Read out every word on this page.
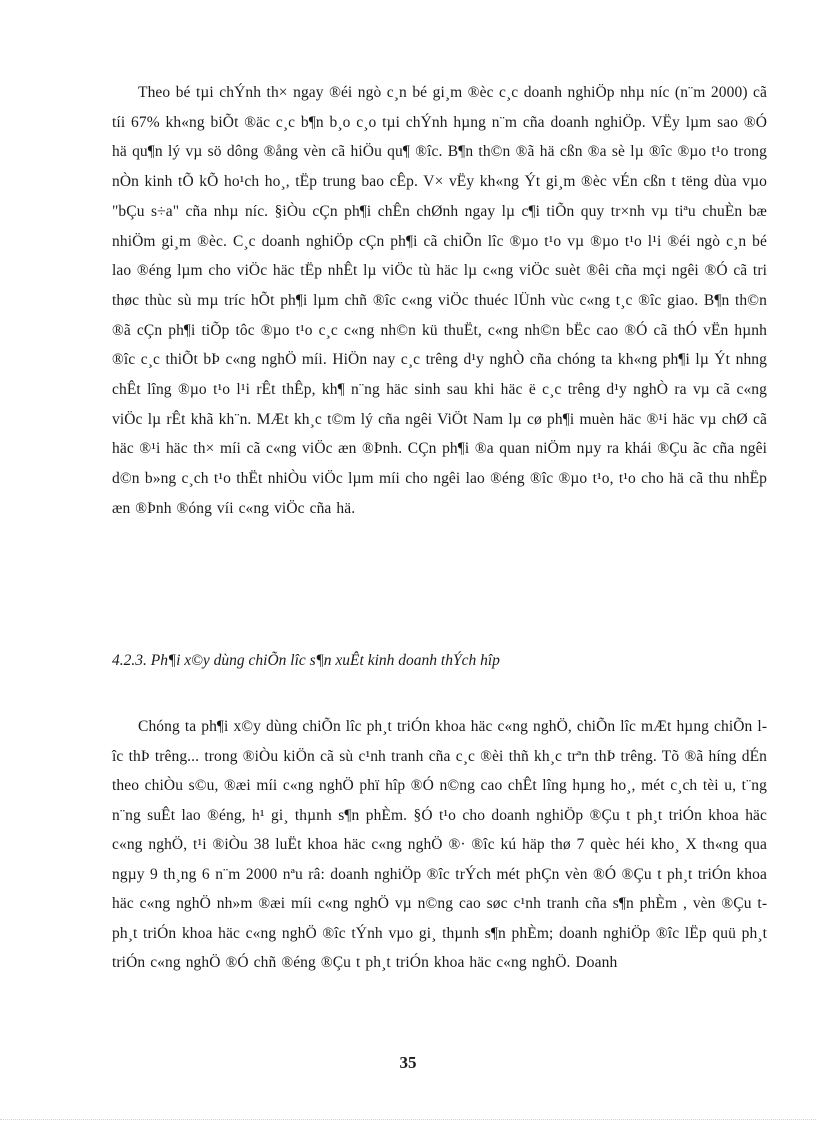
Theo bé tµi chÝnh th× ngay ®éi ngò c¸n bé gi¸m ®èc c¸c doanh nghiÖp nhµ níc (n¨m 2000) cã tíi 67% kh«ng biÕt ®äc c¸c b¶n b¸o c¸o tµi chÝnh hµng n¨m cña doanh nghiÖp. VËy lµm sao ®Ó hä qu¶n lý vµ sö dông ®ång vèn cã hiÖu qu¶ ®îc. B¶n th©n ®ã hä cßn ®a sè lµ ®îc ®µo t¹o trong nÒn kinh tÕ kÕ ho¹ch ho¸, tËp trung bao cÊp. V× vËy kh«ng Ýt gi¸m ®èc vÉn cßn t tëng dùa vµo "bÇu s÷a" cña nhµ níc. §iÒu cÇn ph¶i chÊn chØnh ngay lµ c¶i tiÕn quy tr×nh vµ tiªu chuÈn bæ nhiÖm gi¸m ®èc. C¸c doanh nghiÖp cÇn ph¶i cã chiÕn lîc ®µo t¹o vµ ®µo t¹o l¹i ®éi ngò c¸n bé lao ®éng lµm cho viÖc häc tËp nhÊt lµ viÖc tù häc lµ c«ng viÖc suèt ®êi cña mçi ngêi ®Ó cã tri thøc thùc sù mµ tríc hÕt ph¶i lµm chñ ®îc c«ng viÖc thuéc lÜnh vùc c«ng t¸c ®îc giao. B¶n th©n ®ã cÇn ph¶i tiÕp tôc ®µo t¹o c¸c c«ng nh©n kü thuËt, c«ng nh©n bËc cao ®Ó cã thÓ vËn hµnh ®îc c¸c thiÕt bÞ c«ng nghÖ míi. HiÖn nay c¸c trêng d¹y nghÒ cña chóng ta kh«ng ph¶i lµ Ýt nhng chÊt lîng ®µo t¹o l¹i rÊt thÊp, kh¶ n¨ng häc sinh sau khi häc ë c¸c trêng d¹y nghÒ ra vµ cã c«ng viÖc lµ rÊt khã kh¨n. MÆt kh¸c t©m lý cña ngêi ViÖt Nam lµ cø ph¶i muèn häc ®¹i häc vµ chØ cã häc ®¹i häc th× míi cã c«ng viÖc æn ®Þnh. CÇn ph¶i ®a quan niÖm nµy ra khái ®Çu ãc cña ngêi d©n b»ng c¸ch t¹o thËt nhiÒu viÖc lµm míi cho ngêi lao ®éng ®îc ®µo t¹o, t¹o cho hä cã thu nhËp æn ®Þnh ®óng víi c«ng viÖc cña hä.

4.2.3. Ph¶i x©y dùng chiÕn lîc s¶n xuÊt kinh doanh thÝch hîp

Chóng ta ph¶i x©y dùng chiÕn lîc ph¸t triÓn khoa häc c«ng nghÖ, chiÕn lîc mÆt hµng chiÕn lîc thÞ trêng... trong ®iÒu kiÖn cã sù c¹nh tranh cña c¸c ®èi thñ kh¸c trªn thÞ trêng. Tõ ®ã híng dÉn theo chiÒu s©u, ®æi míi c«ng nghÖ phï hîp ®Ó n©ng cao chÊt lîng hµng ho¸, mét c¸ch tèi u, t¨ng n¨ng suÊt lao ®éng, h¹ gi¸ thµnh s¶n phÈm. §Ó t¹o cho doanh nghiÖp ®Çu t ph¸t triÓn khoa häc c«ng nghÖ, t¹i ®iÒu 38 luËt khoa häc c«ng nghÖ ®· ®îc kú häp thø 7 quèc héi kho¸ X th«ng qua ngµy 9 th¸ng 6 n¨m 2000 nªu râ: doanh nghiÖp ®îc trÝch mét phÇn vèn ®Ó ®Çu t ph¸t triÓn khoa häc c«ng nghÖ nh»m ®æi míi c«ng nghÖ vµ n©ng cao søc c¹nh tranh cña s¶n phÈm , vèn ®Çu t ph¸t triÓn khoa häc c«ng nghÖ ®îc tÝnh vµo gi¸ thµnh s¶n phÈm; doanh nghiÖp ®îc lËp quü ph¸t triÓn c«ng nghÖ ®Ó chñ ®éng ®Çu t ph¸t triÓn khoa häc c«ng nghÖ. Doanh

35
